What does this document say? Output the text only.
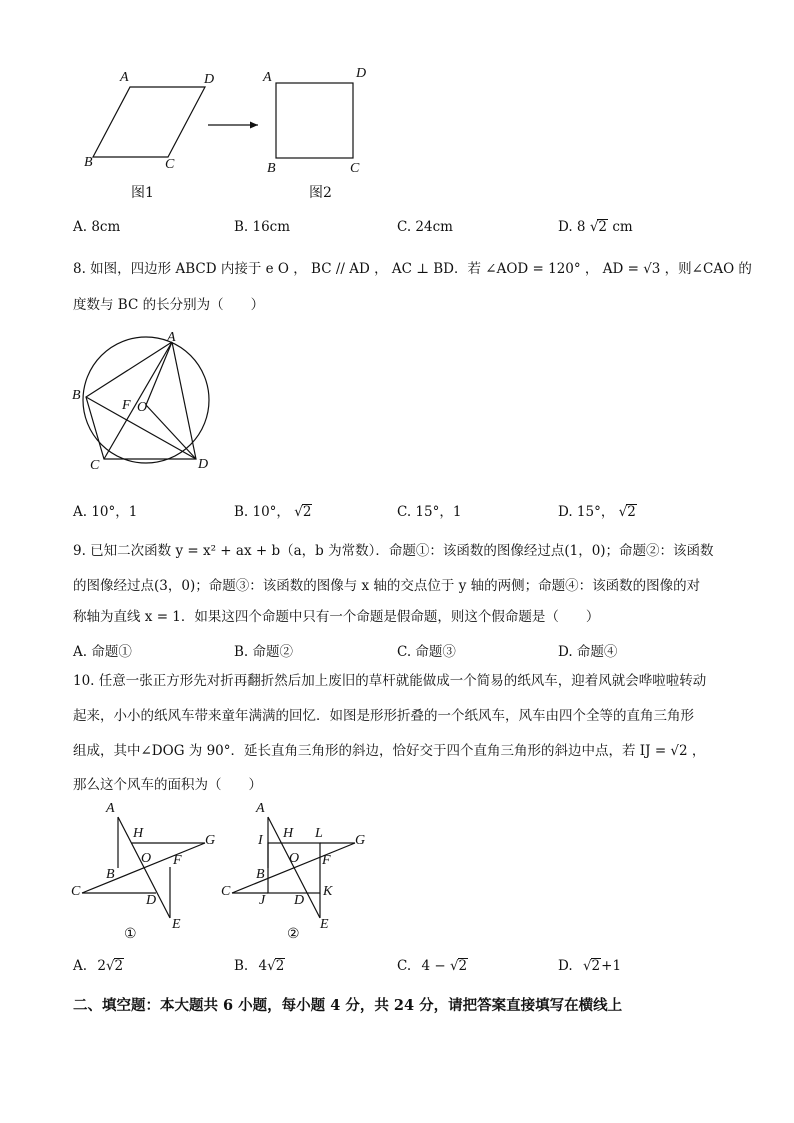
A	D
B	C
A	D
B	C
图1	图2
A. 8cm	B. 16cm	C. 24cm	D. 8 √2 cm
8. 如图，四边形 ABCD 内接于 e O ， BC // AD ， AC ⊥ BD．若 ∠AOD = 120° ， AD = √3 ，则∠CAO 的
度数与 BC 的长分别为（　　）
A
B
F O
C	D
A. 10°，1	B. 10°， √2	C. 15°，1	D. 15°， √2
9. 已知二次函数 y = x² + ax + b（a，b 为常数）．命题①：该函数的图像经过点(1，0)；命题②：该函数
的图像经过点(3，0)；命题③：该函数的图像与 x 轴的交点位于 y 轴的两侧；命题④：该函数的图像的对
称轴为直线 x = 1．如果这四个命题中只有一个命题是假命题，则这个假命题是（　　）
A. 命题①	B. 命题②	C. 命题③	D. 命题④
10. 任意一张正方形先对折再翻折然后加上废旧的草杆就能做成一个简易的纸风车，迎着风就会哗啦啦转动
起来，小小的纸风车带来童年满满的回忆．如图是形形折叠的一个纸风车，风车由四个全等的直角三角形
组成，其中∠DOG 为 90°．延长直角三角形的斜边，恰好交于四个直角三角形的斜边中点，若 IJ = √2 ，
那么这个风车的面积为（　　）
A
H	G
O F
B
C
D
E
①
A
I H L G
O F
B
C	K
J D
E
②
A. 2√2	B. 4√2	C. 4 − √2	D. √2+1
二、填空题：本大题共 6 小题，每小题 4 分，共 24 分，请把答案直接填写在横线上
